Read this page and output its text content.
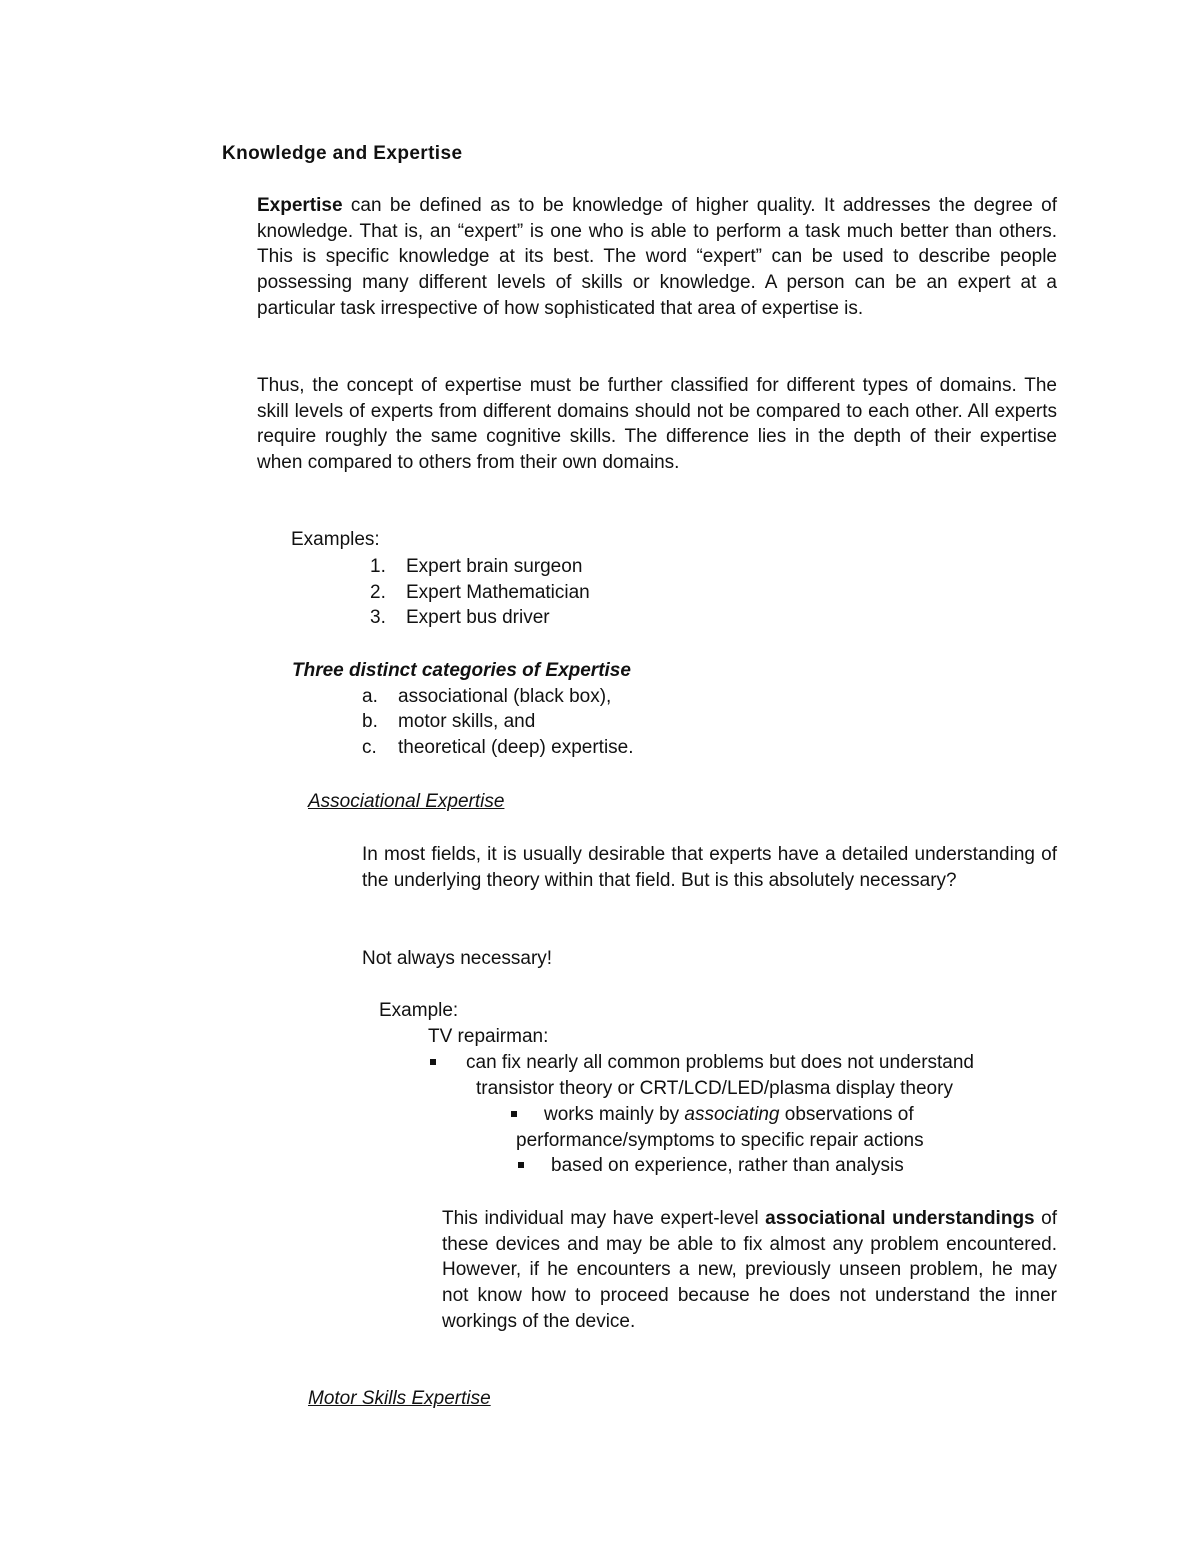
Knowledge and Expertise

Expertise can be defined as to be knowledge of higher quality. It addresses the degree of knowledge. That is, an “expert” is one who is able to perform a task much better than others. This is specific knowledge at its best. The word “expert” can be used to describe people possessing many different levels of skills or knowledge. A person can be an expert at a particular task irrespective of how sophisticated that area of expertise is.

Thus, the concept of expertise must be further classified for different types of domains. The skill levels of experts from different domains should not be compared to each other. All experts require roughly the same cognitive skills. The difference lies in the depth of their expertise when compared to others from their own domains.

Examples:
1. Expert brain surgeon
2. Expert Mathematician
3. Expert bus driver
Three distinct categories of Expertise
a. associational (black box),
b. motor skills, and
c. theoretical (deep) expertise.
Associational Expertise

In most fields, it is usually desirable that experts have a detailed understanding of the underlying theory within that field. But is this absolutely necessary?

Not always necessary!
Example:
TV repairman:
can fix nearly all common problems but does not understand
transistor theory or CRT/LCD/LED/plasma display theory
works mainly by associating observations of
performance/symptoms to specific repair actions
based on experience, rather than analysis

This individual may have expert-level associational understandings of these devices and may be able to fix almost any problem encountered. However, if he encounters a new, previously unseen problem, he may not know how to proceed because he does not understand the inner workings of the device.

Motor Skills Expertise
